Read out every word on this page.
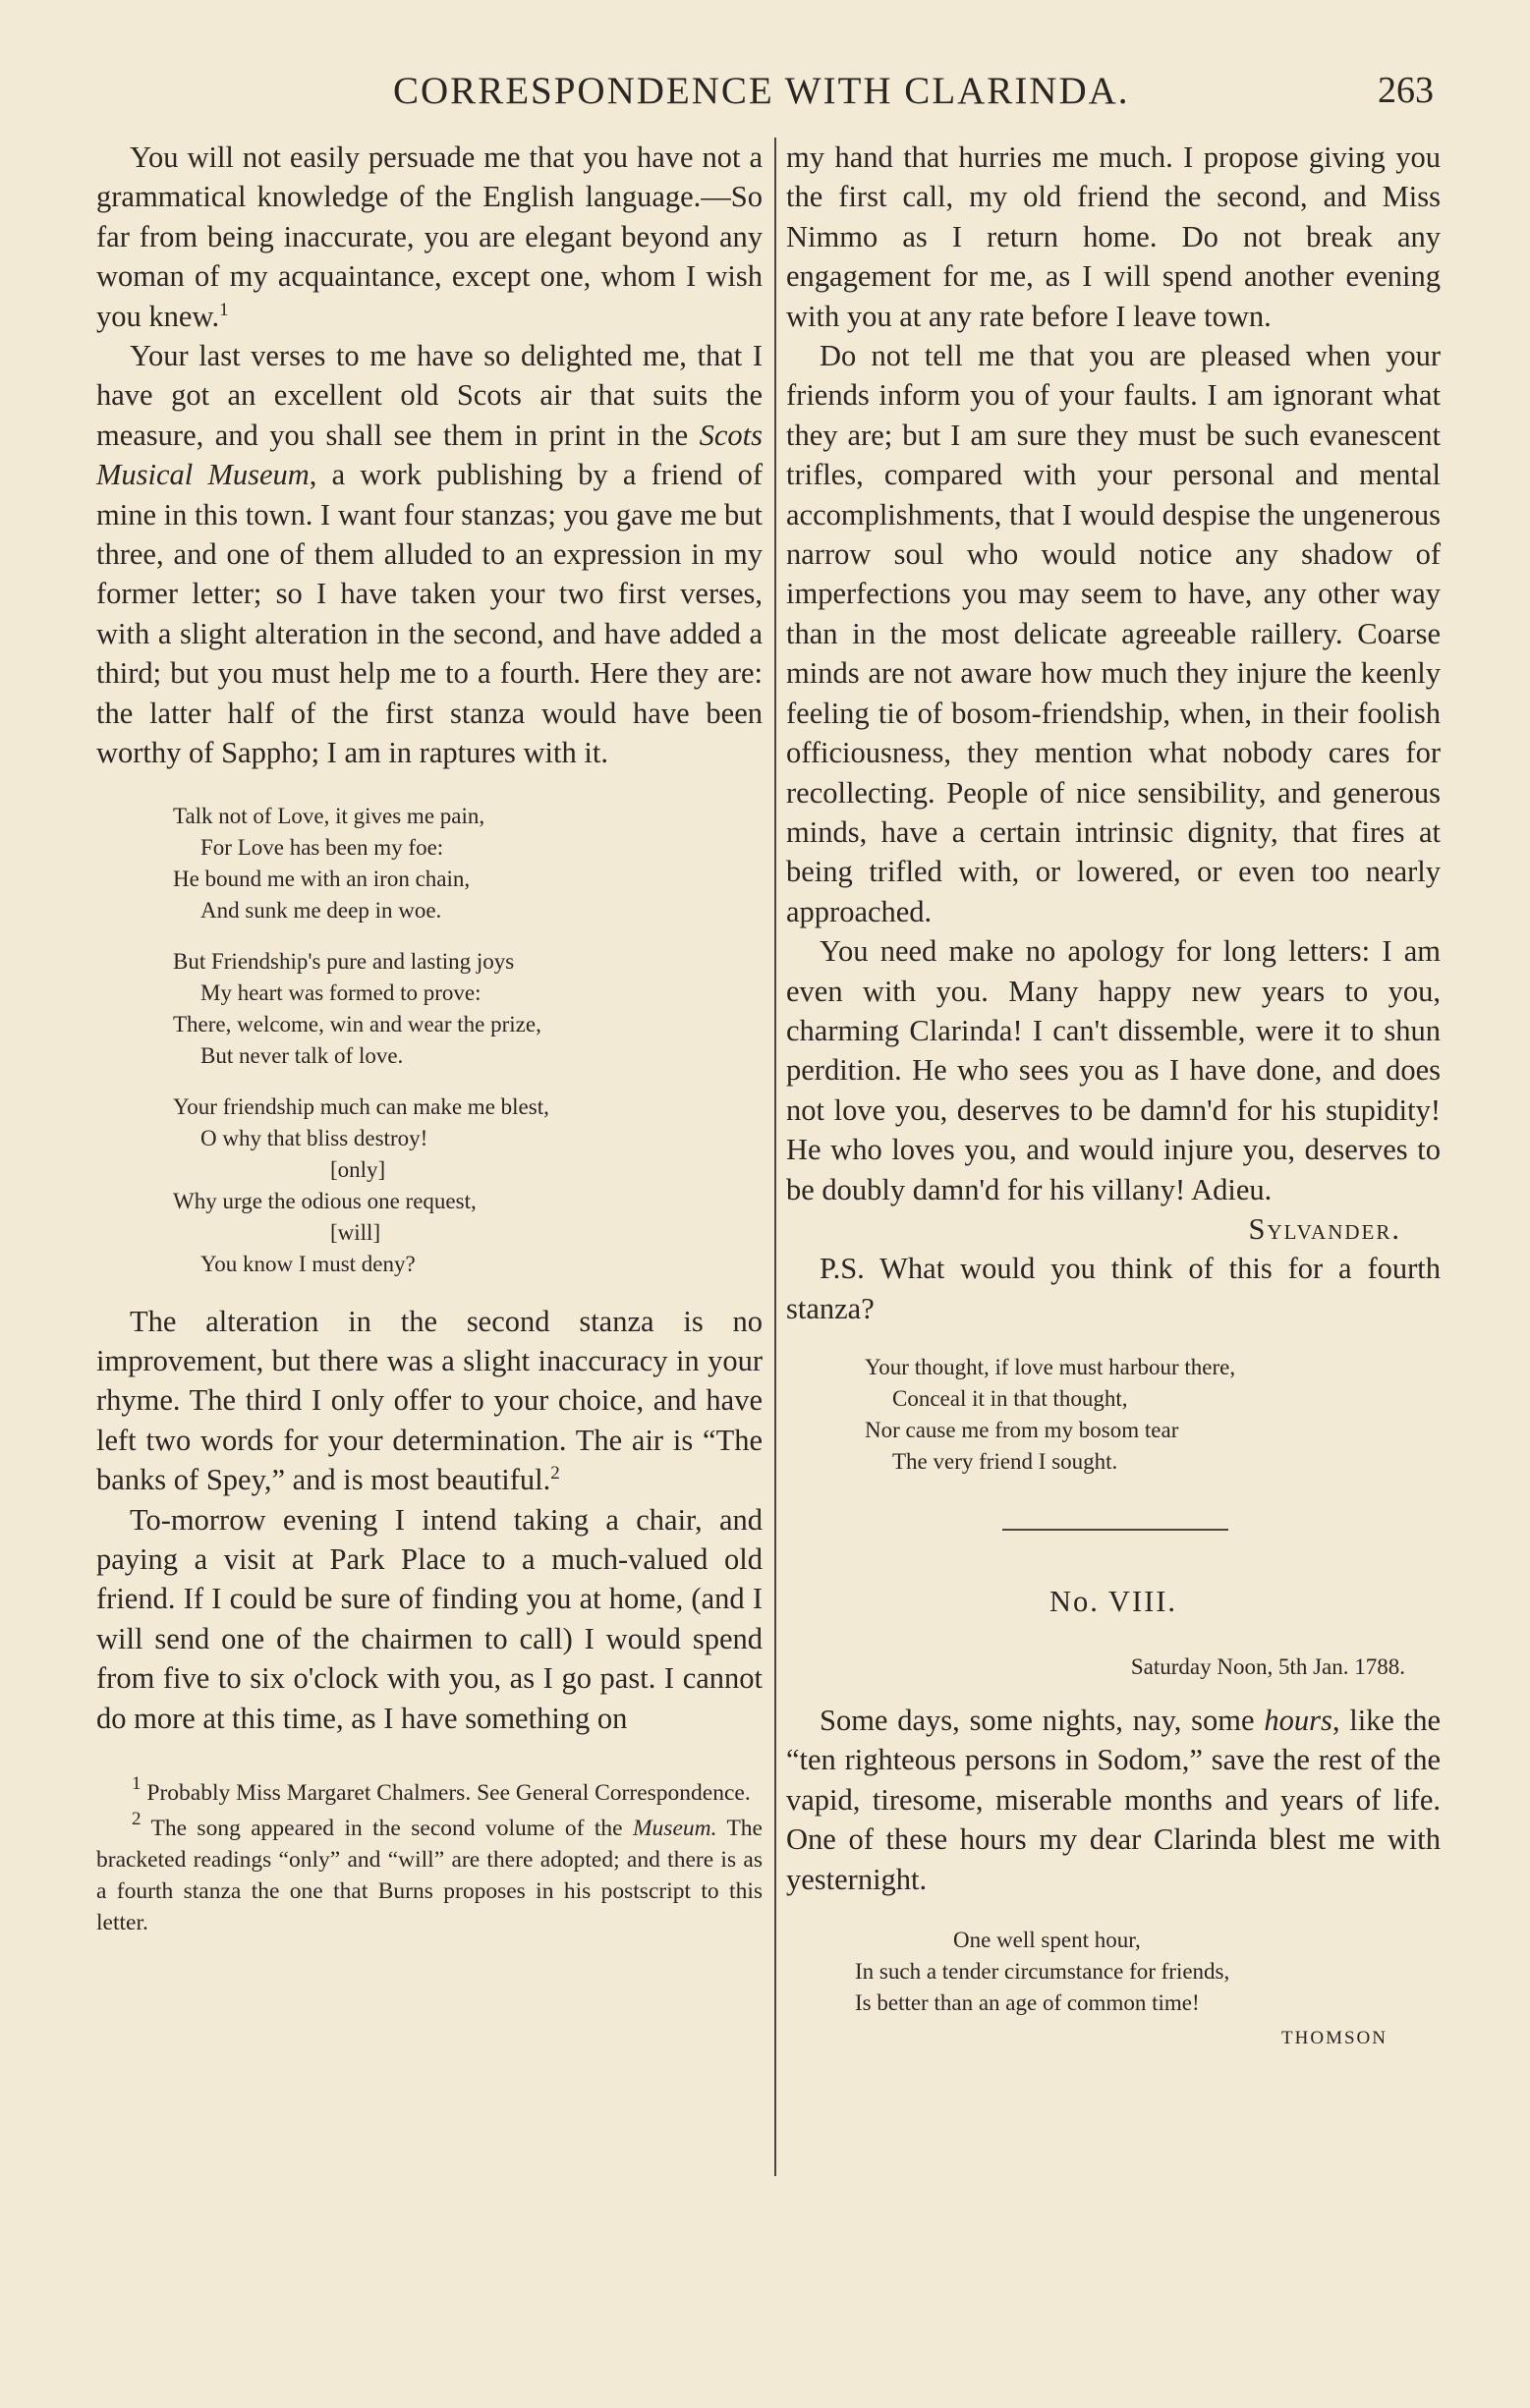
CORRESPONDENCE WITH CLARINDA.	263

You will not easily persuade me that you have not a grammatical knowledge of the English language.—So far from being inaccurate, you are elegant beyond any woman of my acquaintance, except one, whom I wish you knew.$^1$

Your last verses to me have so delighted me, that I have got an excellent old Scots air that suits the measure, and you shall see them in print in the Scots Musical Museum, a work publishing by a friend of mine in this town. I want four stanzas; you gave me but three, and one of them alluded to an expression in my former letter; so I have taken your two first verses, with a slight alteration in the second, and have added a third; but you must help me to a fourth. Here they are: the latter half of the first stanza would have been worthy of Sappho; I am in raptures with it.

Talk not of Love, it gives me pain,
For Love has been my foe:
He bound me with an iron chain,
And sunk me deep in woe.
But Friendship's pure and lasting joys
My heart was formed to prove:
There, welcome, win and wear the prize,
But never talk of love.
Your friendship much can make me blest,
O why that bliss destroy!
[only]
Why urge the odious one request,
[will]
You know I must deny?

The alteration in the second stanza is no improvement, but there was a slight inaccuracy in your rhyme. The third I only offer to your choice, and have left two words for your determination. The air is “The banks of Spey,” and is most beautiful.$^2$

To-morrow evening I intend taking a chair, and paying a visit at Park Place to a much-valued old friend. If I could be sure of finding you at home, (and I will send one of the chairmen to call) I would spend from five to six o'clock with you, as I go past. I cannot do more at this time, as I have something on

$^1$ Probably Miss Margaret Chalmers. See General Correspondence.

$^2$ The song appeared in the second volume of the Museum. The bracketed readings “only” and “will” are there adopted; and there is as a fourth stanza the one that Burns proposes in his postscript to this letter.

my hand that hurries me much. I propose giving you the first call, my old friend the second, and Miss Nimmo as I return home. Do not break any engagement for me, as I will spend another evening with you at any rate before I leave town.

Do not tell me that you are pleased when your friends inform you of your faults. I am ignorant what they are; but I am sure they must be such evanescent trifles, compared with your personal and mental accomplishments, that I would despise the ungenerous narrow soul who would notice any shadow of imperfections you may seem to have, any other way than in the most delicate agreeable raillery. Coarse minds are not aware how much they injure the keenly feeling tie of bosom-friendship, when, in their foolish officiousness, they mention what nobody cares for recollecting. People of nice sensibility, and generous minds, have a certain intrinsic dignity, that fires at being trifled with, or lowered, or even too nearly approached.

You need make no apology for long letters: I am even with you. Many happy new years to you, charming Clarinda! I can't dissemble, were it to shun perdition. He who sees you as I have done, and does not love you, deserves to be damn'd for his stupidity! He who loves you, and would injure you, deserves to be doubly damn'd for his villany! Adieu.

Sylvander.

P.S. What would you think of this for a fourth stanza?

Your thought, if love must harbour there,
Conceal it in that thought,
Nor cause me from my bosom tear
The very friend I sought.
No. VIII.
Saturday Noon, 5th Jan. 1788.

Some days, some nights, nay, some hours, like the “ten righteous persons in Sodom,” save the rest of the vapid, tiresome, miserable months and years of life. One of these hours my dear Clarinda blest me with yesternight.

One well spent hour,
In such a tender circumstance for friends,
Is better than an age of common time!
THOMSON
